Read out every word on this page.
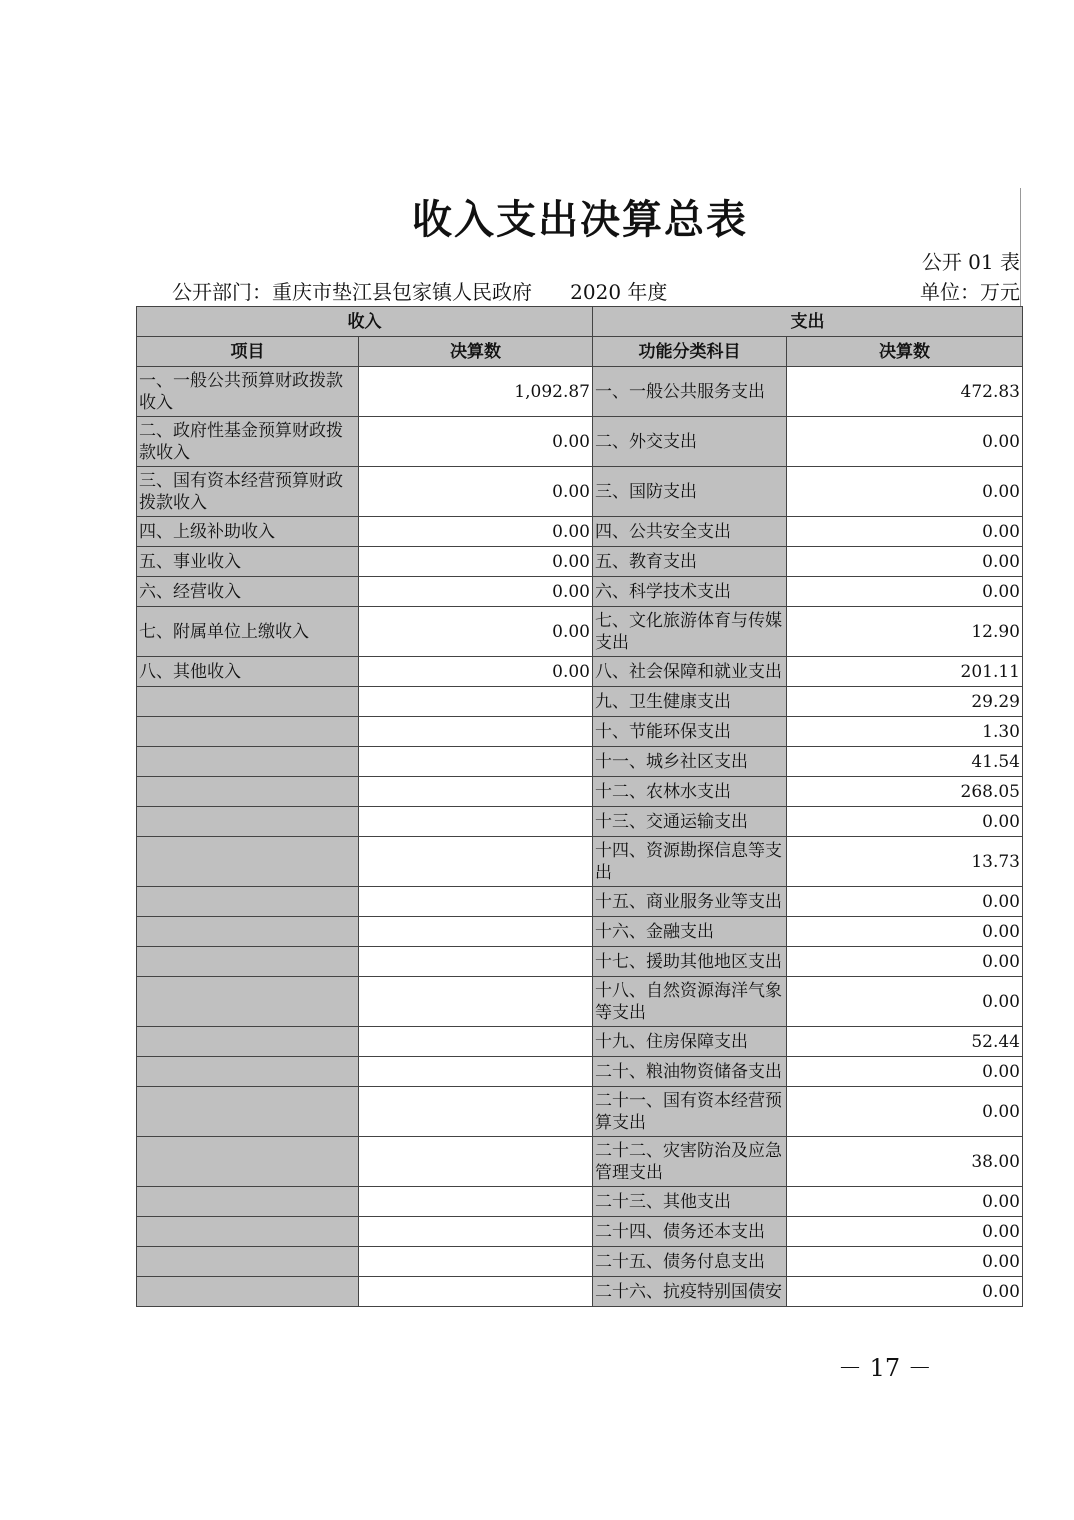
收入支出决算总表
公开 01 表
公开部门：重庆市垫江县包家镇人民政府 2020 年度	单位：万元
收入		支出	
项目	决算数	功能分类科目	决算数
一、一般公共预算财政拨款收入	1,092.87	一、一般公共服务支出	472.83
二、政府性基金预算财政拨款收入	0.00	二、外交支出	0.00
三、国有资本经营预算财政拨款收入	0.00	三、国防支出	0.00
四、上级补助收入	0.00	四、公共安全支出	0.00
五、事业收入	0.00	五、教育支出	0.00
六、经营收入	0.00	六、科学技术支出	0.00
七、附属单位上缴收入	0.00	七、文化旅游体育与传媒支出	12.90
八、其他收入	0.00	八、社会保障和就业支出	201.11
		九、卫生健康支出	29.29
		十、节能环保支出	1.30
		十一、城乡社区支出	41.54
		十二、农林水支出	268.05
		十三、交通运输支出	0.00
		十四、资源勘探信息等支出	13.73
		十五、商业服务业等支出	0.00
		十六、金融支出	0.00
		十七、援助其他地区支出	0.00
		十八、自然资源海洋气象等支出	0.00
		十九、住房保障支出	52.44
		二十、粮油物资储备支出	0.00
		二十一、国有资本经营预算支出	0.00
		二十二、灾害防治及应急管理支出	38.00
		二十三、其他支出	0.00
		二十四、债务还本支出	0.00
		二十五、债务付息支出	0.00
		二十六、抗疫特别国债安	0.00
－ 17 －
